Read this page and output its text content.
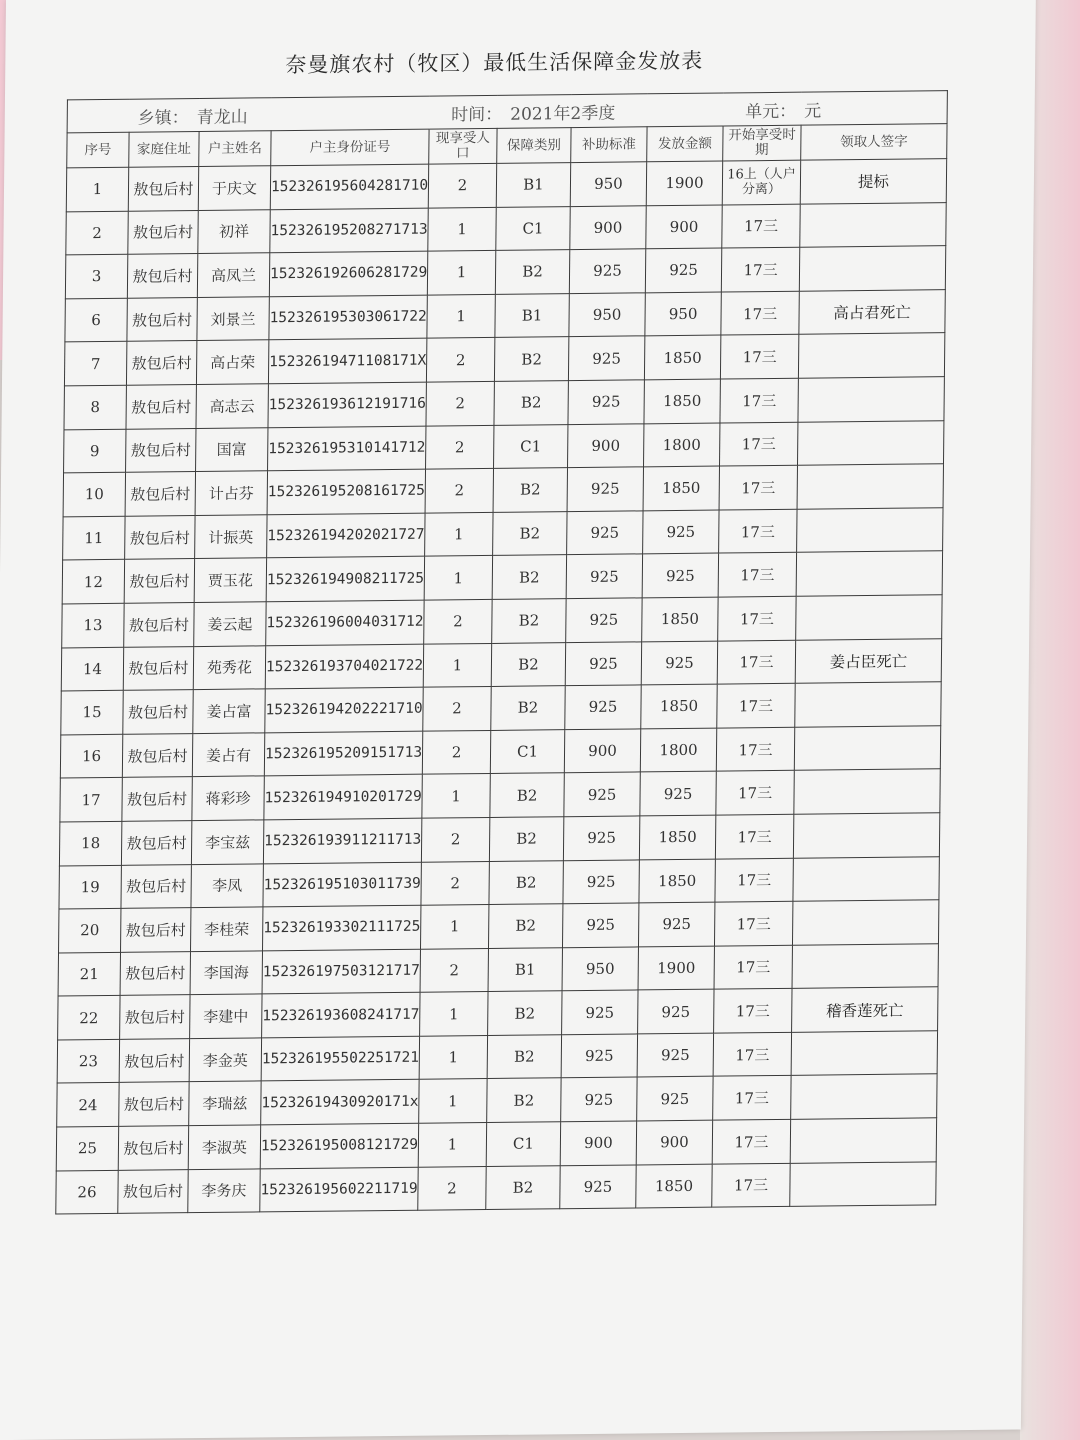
奈曼旗农村（牧区）最低生活保障金发放表
乡镇： 青龙山				时间： 2021年2季度				单元： 元	
序号	家庭住址	户主姓名	户主身份证号	现享受人口	保障类别	补助标准	发放金额	开始享受时期	领取人签字
1	敖包后村	于庆文	152326195604281710	2	B1	950	1900	16上（人户分离）	提标
2	敖包后村	初祥	152326195208271713	1	C1	900	900	17三	
3	敖包后村	高凤兰	152326192606281729	1	B2	925	925	17三	
6	敖包后村	刘景兰	152326195303061722	1	B1	950	950	17三	高占君死亡
7	敖包后村	高占荣	15232619471108171X	2	B2	925	1850	17三	
8	敖包后村	高志云	152326193612191716	2	B2	925	1850	17三	
9	敖包后村	国富	152326195310141712	2	C1	900	1800	17三	
10	敖包后村	计占芬	152326195208161725	2	B2	925	1850	17三	
11	敖包后村	计振英	152326194202021727	1	B2	925	925	17三	
12	敖包后村	贾玉花	152326194908211725	1	B2	925	925	17三	
13	敖包后村	姜云起	152326196004031712	2	B2	925	1850	17三	
14	敖包后村	苑秀花	152326193704021722	1	B2	925	925	17三	姜占臣死亡
15	敖包后村	姜占富	152326194202221710	2	B2	925	1850	17三	
16	敖包后村	姜占有	152326195209151713	2	C1	900	1800	17三	
17	敖包后村	蒋彩珍	152326194910201729	1	B2	925	925	17三	
18	敖包后村	李宝兹	152326193911211713	2	B2	925	1850	17三	
19	敖包后村	李凤	152326195103011739	2	B2	925	1850	17三	
20	敖包后村	李桂荣	152326193302111725	1	B2	925	925	17三	
21	敖包后村	李国海	152326197503121717	2	B1	950	1900	17三	
22	敖包后村	李建中	152326193608241717	1	B2	925	925	17三	稽香莲死亡
23	敖包后村	李金英	152326195502251721	1	B2	925	925	17三	
24	敖包后村	李瑞兹	15232619430920171x	1	B2	925	925	17三	
25	敖包后村	李淑英	152326195008121729	1	C1	900	900	17三	
26	敖包后村	李务庆	152326195602211719	2	B2	925	1850	17三	
